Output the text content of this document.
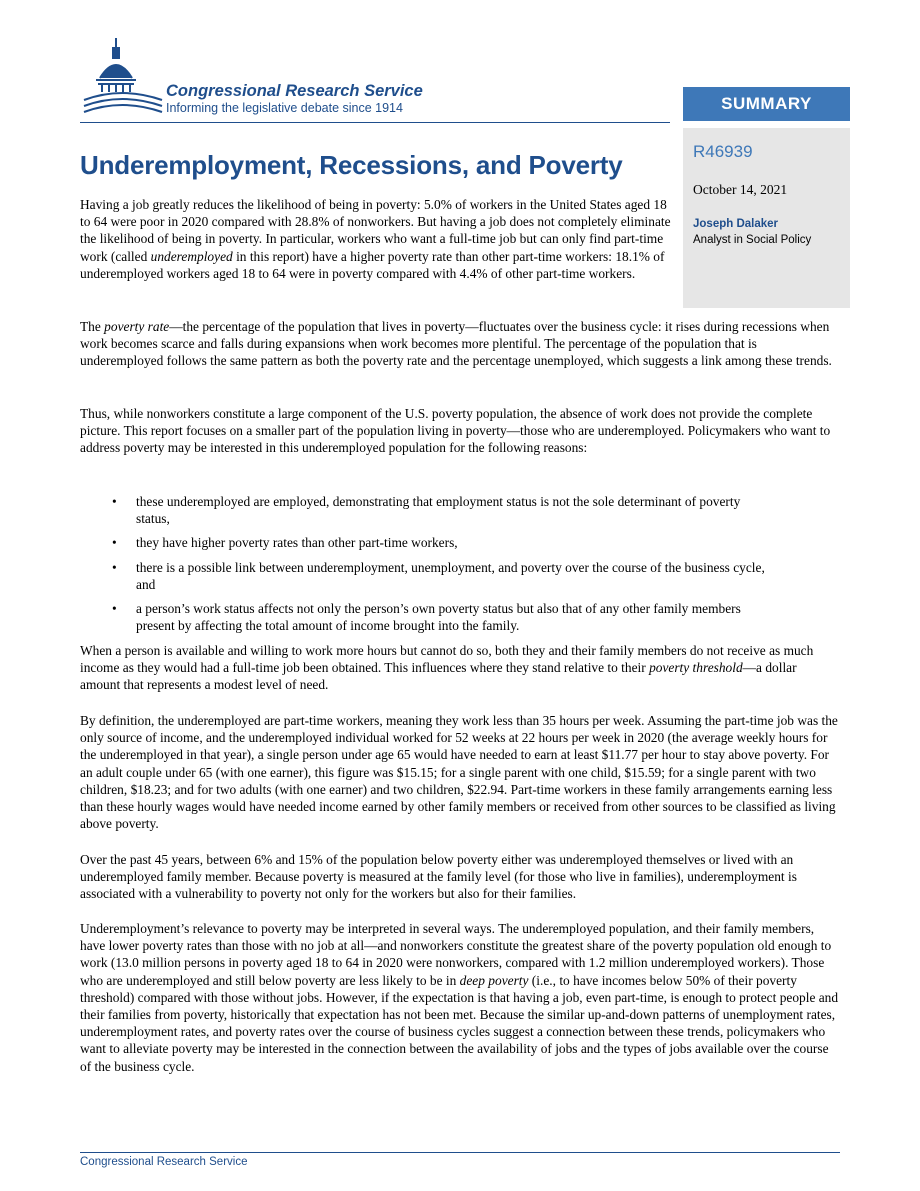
Congressional Research Service
Informing the legislative debate since 1914	SUMMARY
R46939
October 14, 2021
Joseph Dalaker
Analyst in Social Policy
Underemployment, Recessions, and Poverty

Having a job greatly reduces the likelihood of being in poverty: 5.0% of workers in the United States aged 18 to 64 were poor in 2020 compared with 28.8% of nonworkers. But having a job does not completely eliminate the likelihood of being in poverty. In particular, workers who want a full-time job but can only find part-time work (called underemployed in this report) have a higher poverty rate than other part-time workers: 18.1% of underemployed workers aged 18 to 64 were in poverty compared with 4.4% of other part-time workers.

The poverty rate—the percentage of the population that lives in poverty—fluctuates over the business cycle: it rises during recessions when work becomes scarce and falls during expansions when work becomes more plentiful. The percentage of the population that is underemployed follows the same pattern as both the poverty rate and the percentage unemployed, which suggests a link among these trends.

Thus, while nonworkers constitute a large component of the U.S. poverty population, the absence of work does not provide the complete picture. This report focuses on a smaller part of the population living in poverty—those who are underemployed. Policymakers who want to address poverty may be interested in this underemployed population for the following reasons:

• these underemployed are employed, demonstrating that employment status is not the sole determinant of poverty status,
• they have higher poverty rates than other part-time workers,
• there is a possible link between underemployment, unemployment, and poverty over the course of the business cycle, and
• a person’s work status affects not only the person’s own poverty status but also that of any other family members present by affecting the total amount of income brought into the family.

When a person is available and willing to work more hours but cannot do so, both they and their family members do not receive as much income as they would had a full-time job been obtained. This influences where they stand relative to their poverty threshold—a dollar amount that represents a modest level of need.

By definition, the underemployed are part-time workers, meaning they work less than 35 hours per week. Assuming the part-time job was the only source of income, and the underemployed individual worked for 52 weeks at 22 hours per week in 2020 (the average weekly hours for the underemployed in that year), a single person under age 65 would have needed to earn at least $11.77 per hour to stay above poverty. For an adult couple under 65 (with one earner), this figure was $15.15; for a single parent with one child, $15.59; for a single parent with two children, $18.23; and for two adults (with one earner) and two children, $22.94. Part-time workers in these family arrangements earning less than these hourly wages would have needed income earned by other family members or received from other sources to be classified as living above poverty.

Over the past 45 years, between 6% and 15% of the population below poverty either was underemployed themselves or lived with an underemployed family member. Because poverty is measured at the family level (for those who live in families), underemployment is associated with a vulnerability to poverty not only for the workers but also for their families.

Underemployment’s relevance to poverty may be interpreted in several ways. The underemployed population, and their family members, have lower poverty rates than those with no job at all—and nonworkers constitute the greatest share of the poverty population old enough to work (13.0 million persons in poverty aged 18 to 64 in 2020 were nonworkers, compared with 1.2 million underemployed workers). Those who are underemployed and still below poverty are less likely to be in deep poverty (i.e., to have incomes below 50% of their poverty threshold) compared with those without jobs. However, if the expectation is that having a job, even part-time, is enough to protect people and their families from poverty, historically that expectation has not been met. Because the similar up-and-down patterns of unemployment rates, underemployment rates, and poverty rates over the course of business cycles suggest a connection between these trends, policymakers who want to alleviate poverty may be interested in the connection between the availability of jobs and the types of jobs available over the course of the business cycle.

Congressional Research Service
